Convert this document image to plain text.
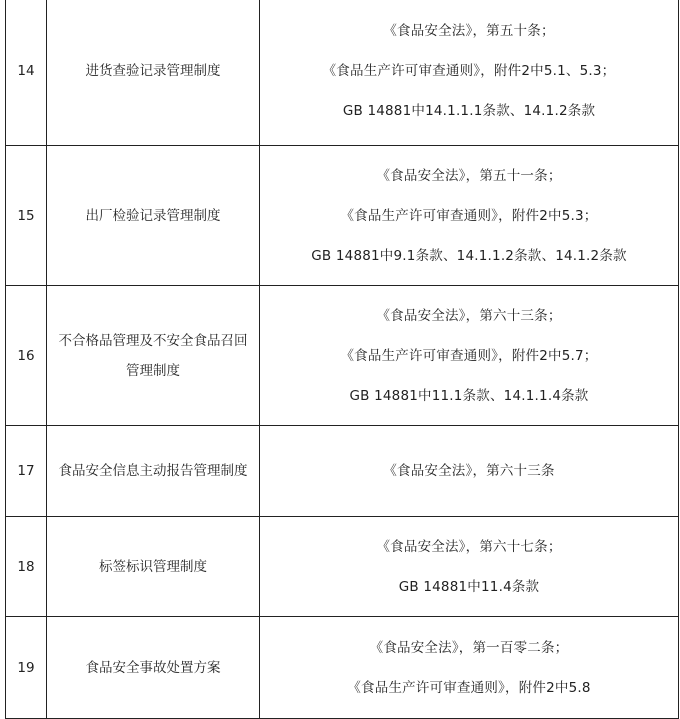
14	进货查验记录管理制度	《食品安全法》，第五十条；
《食品生产许可审查通则》，附件2中5.1、5.3；
GB 14881中14.1.1.1条款、14.1.2条款

15	出厂检验记录管理制度	《食品安全法》，第五十一条；
《食品生产许可审查通则》，附件2中5.3；
GB 14881中9.1条款、14.1.1.2条款、14.1.2条款

16	不合格品管理及不安全食品召回管理制度	《食品安全法》，第六十三条；
《食品生产许可审查通则》，附件2中5.7；
GB 14881中11.1条款、14.1.1.4条款

17	食品安全信息主动报告管理制度	《食品安全法》，第六十三条

18	标签标识管理制度	《食品安全法》，第六十七条；
GB 14881中11.4条款

19	食品安全事故处置方案	《食品安全法》，第一百零二条；
《食品生产许可审查通则》，附件2中5.8
